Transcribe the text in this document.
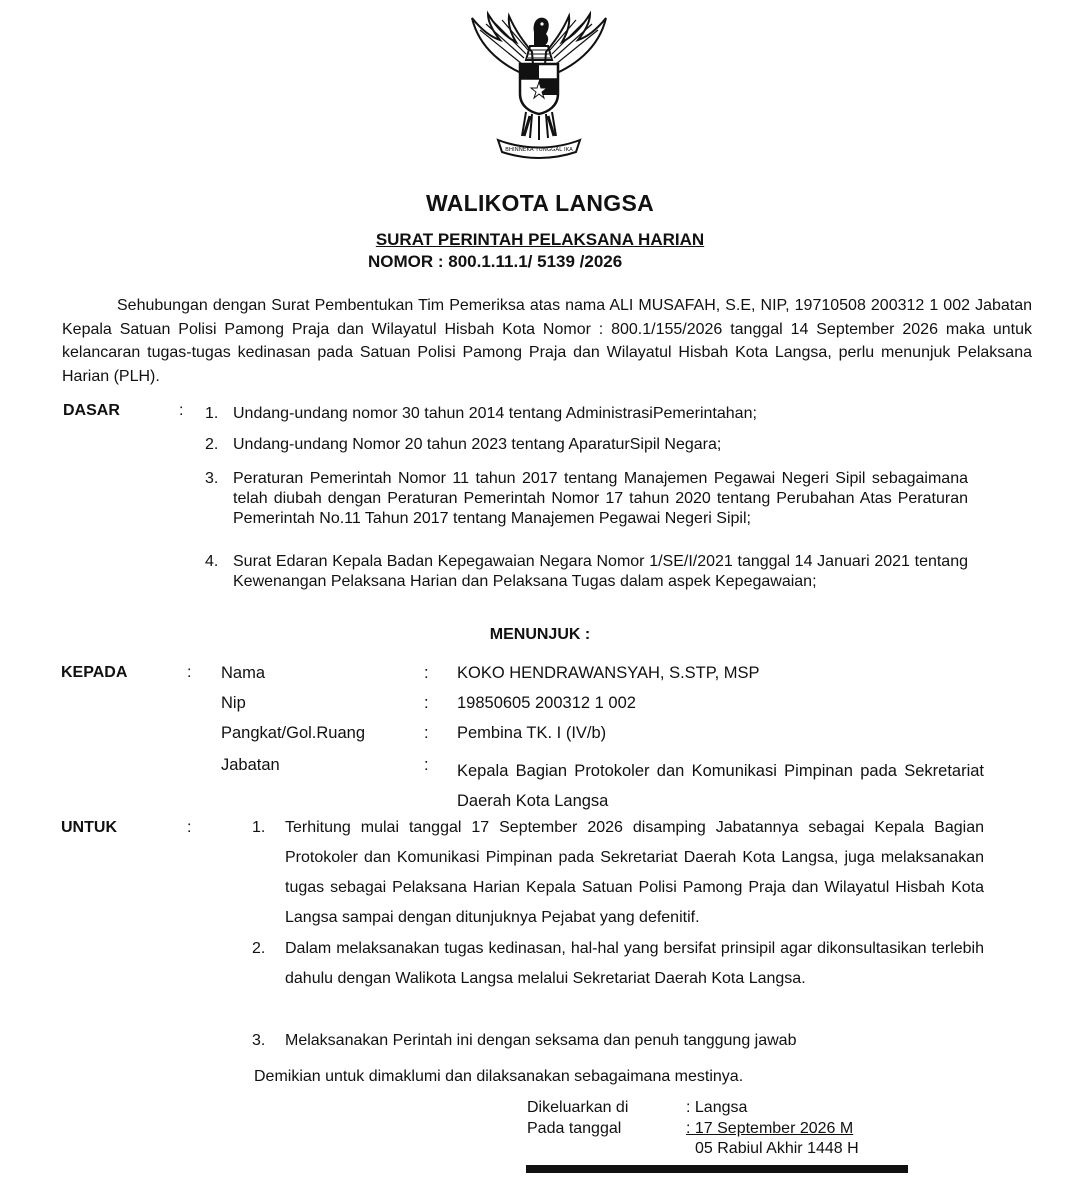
BHINNEKA TUNGGAL IKA
WALIKOTA LANGSA
SURAT PERINTAH PELAKSANA HARIAN
NOMOR : 800.1.11.1/ 5139 /2026
Sehubungan dengan Surat Pembentukan Tim Pemeriksa atas nama ALI MUSAFAH, S.E, NIP, 19710508 200312 1 002 Jabatan Kepala Satuan Polisi Pamong Praja dan Wilayatul Hisbah Kota Nomor : 800.1/155/2026 tanggal 14 September 2026 maka untuk kelancaran tugas-tugas kedinasan pada Satuan Polisi Pamong Praja dan Wilayatul Hisbah Kota Langsa, perlu menunjuk Pelaksana Harian (PLH).
DASAR	: 1. Undang-undang nomor 30 tahun 2014 tentang AdministrasiPemerintahan;
2. Undang-undang Nomor 20 tahun 2023 tentang AparaturSipil Negara;
3. Peraturan Pemerintah Nomor 11 tahun 2017 tentang Manajemen Pegawai Negeri Sipil sebagaimana telah diubah dengan Peraturan Pemerintah Nomor 17 tahun 2020 tentang Perubahan Atas Peraturan Pemerintah No.11 Tahun 2017 tentang Manajemen Pegawai Negeri Sipil;
4. Surat Edaran Kepala Badan Kepegawaian Negara Nomor 1/SE/I/2021 tanggal 14 Januari 2021 tentang Kewenangan Pelaksana Harian dan Pelaksana Tugas dalam aspek Kepegawaian;
MENUNJUK :
KEPADA	: Nama	: KOKO HENDRAWANSYAH, S.STP, MSP
Nip	: 19850605 200312 1 002
Pangkat/Gol.Ruang	: Pembina TK. I (IV/b)
Jabatan	: Kepala Bagian Protokoler dan Komunikasi Pimpinan pada Sekretariat Daerah Kota Langsa
UNTUK	:	1.	Terhitung mulai tanggal 17 September 2026 disamping Jabatannya sebagai Kepala Bagian Protokoler dan Komunikasi Pimpinan pada Sekretariat Daerah Kota Langsa, juga melaksanakan tugas sebagai Pelaksana Harian Kepala Satuan Polisi Pamong Praja dan Wilayatul Hisbah Kota Langsa sampai dengan ditunjuknya Pejabat yang defenitif.
2.	Dalam melaksanakan tugas kedinasan, hal-hal yang bersifat prinsipil agar dikonsultasikan terlebih dahulu dengan Walikota Langsa melalui Sekretariat Daerah Kota Langsa.
3.	Melaksanakan Perintah ini dengan seksama dan penuh tanggung jawab
Demikian untuk dimaklumi dan dilaksanakan sebagaimana mestinya.
Dikeluarkan di	: Langsa
Pada tanggal	: 17 September 2026 M
05 Rabiul Akhir 1448 H
